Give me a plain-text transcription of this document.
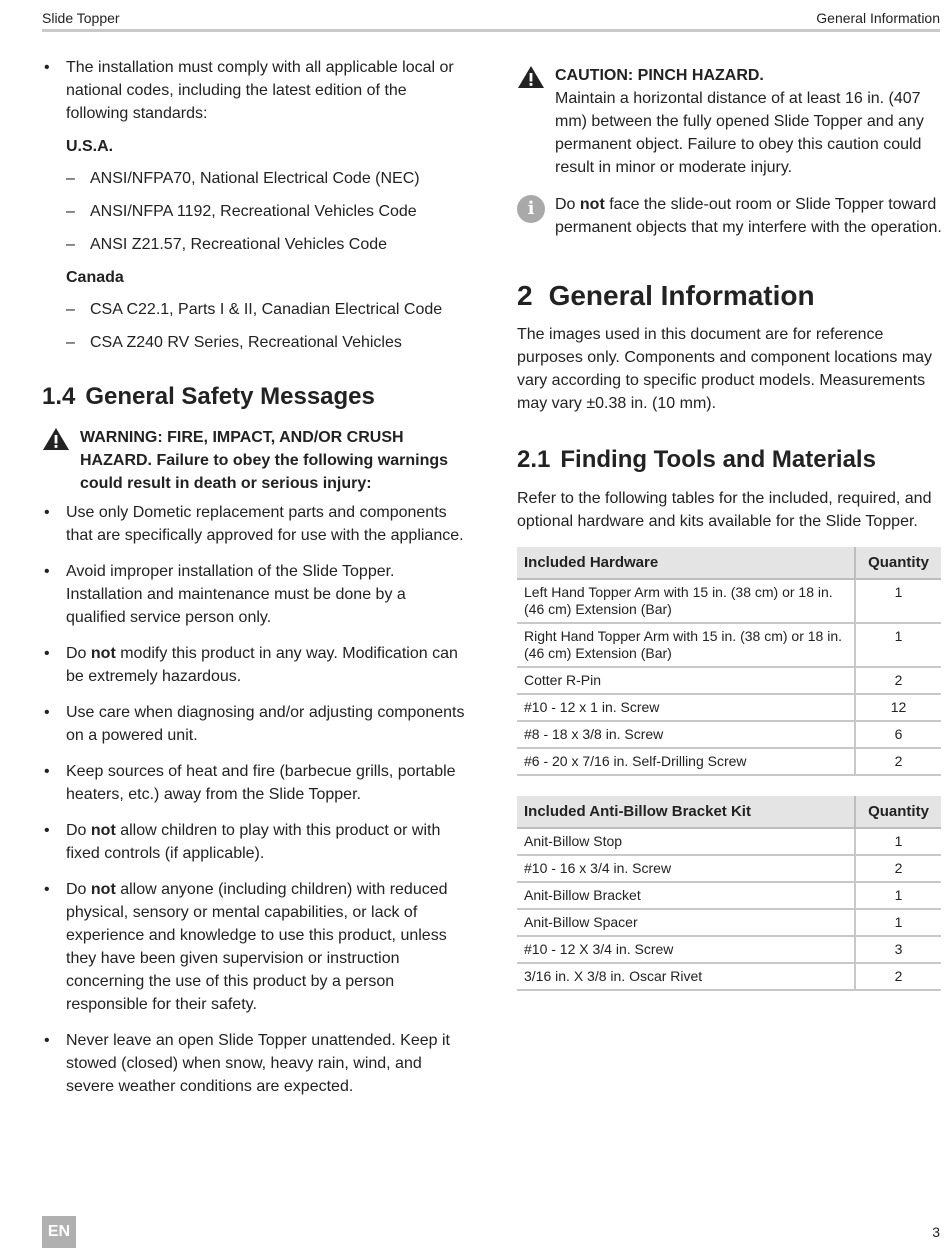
Slide Topper	General Information
• The installation must comply with all applicable local or national codes, including the latest edition of the following standards:
U.S.A.
– ANSI/NFPA70, National Electrical Code (NEC)
– ANSI/NFPA 1192, Recreational Vehicles Code
– ANSI Z21.57, Recreational Vehicles Code
Canada
– CSA C22.1, Parts I & II, Canadian Electrical Code
– CSA Z240 RV Series, Recreational Vehicles
1.4 General Safety Messages
WARNING: FIRE, IMPACT, AND/OR CRUSH HAZARD. Failure to obey the following warnings could result in death or serious injury:
• Use only Dometic replacement parts and components that are specifically approved for use with the appliance.
• Avoid improper installation of the Slide Topper. Installation and maintenance must be done by a qualified service person only.
• Do not modify this product in any way. Modification can be extremely hazardous.
• Use care when diagnosing and/or adjusting components on a powered unit.
• Keep sources of heat and fire (barbecue grills, portable heaters, etc.) away from the Slide Topper.
• Do not allow children to play with this product or with fixed controls (if applicable).
• Do not allow anyone (including children) with reduced physical, sensory or mental capabilities, or lack of experience and knowledge to use this product, unless they have been given supervision or instruction concerning the use of this product by a person responsible for their safety.
• Never leave an open Slide Topper unattended. Keep it stowed (closed) when snow, heavy rain, wind, and severe weather conditions are expected.
CAUTION: PINCH HAZARD.
Maintain a horizontal distance of at least 16 in. (407 mm) between the fully opened Slide Topper and any permanent object. Failure to obey this caution could result in minor or moderate injury.
i	Do not face the slide-out room or Slide Topper toward permanent objects that my interfere with the operation.
2 General Information

The images used in this document are for reference purposes only. Components and component locations may vary according to specific product models. Measurements may vary ±0.38 in. (10 mm).

2.1 Finding Tools and Materials

Refer to the following tables for the included, required, and optional hardware and kits available for the Slide Topper.

Included Hardware	Quantity
Left Hand Topper Arm with 15 in. (38 cm) or 18 in. (46 cm) Extension (Bar)	1
Right Hand Topper Arm with 15 in. (38 cm) or 18 in. (46 cm) Extension (Bar)	1
Cotter R-Pin	2
#10 - 12 x 1 in. Screw	12
#8 - 18 x 3/8 in. Screw	6
#6 - 20 x 7/16 in. Self-Drilling Screw	2
Included Anti-Billow Bracket Kit	Quantity
Anit-Billow Stop	1
#10 - 16 x 3/4 in. Screw	2
Anit-Billow Bracket	1
Anit-Billow Spacer	1
#10 - 12 X 3/4 in. Screw	3
3/16 in. X 3/8 in. Oscar Rivet	2
EN	3
